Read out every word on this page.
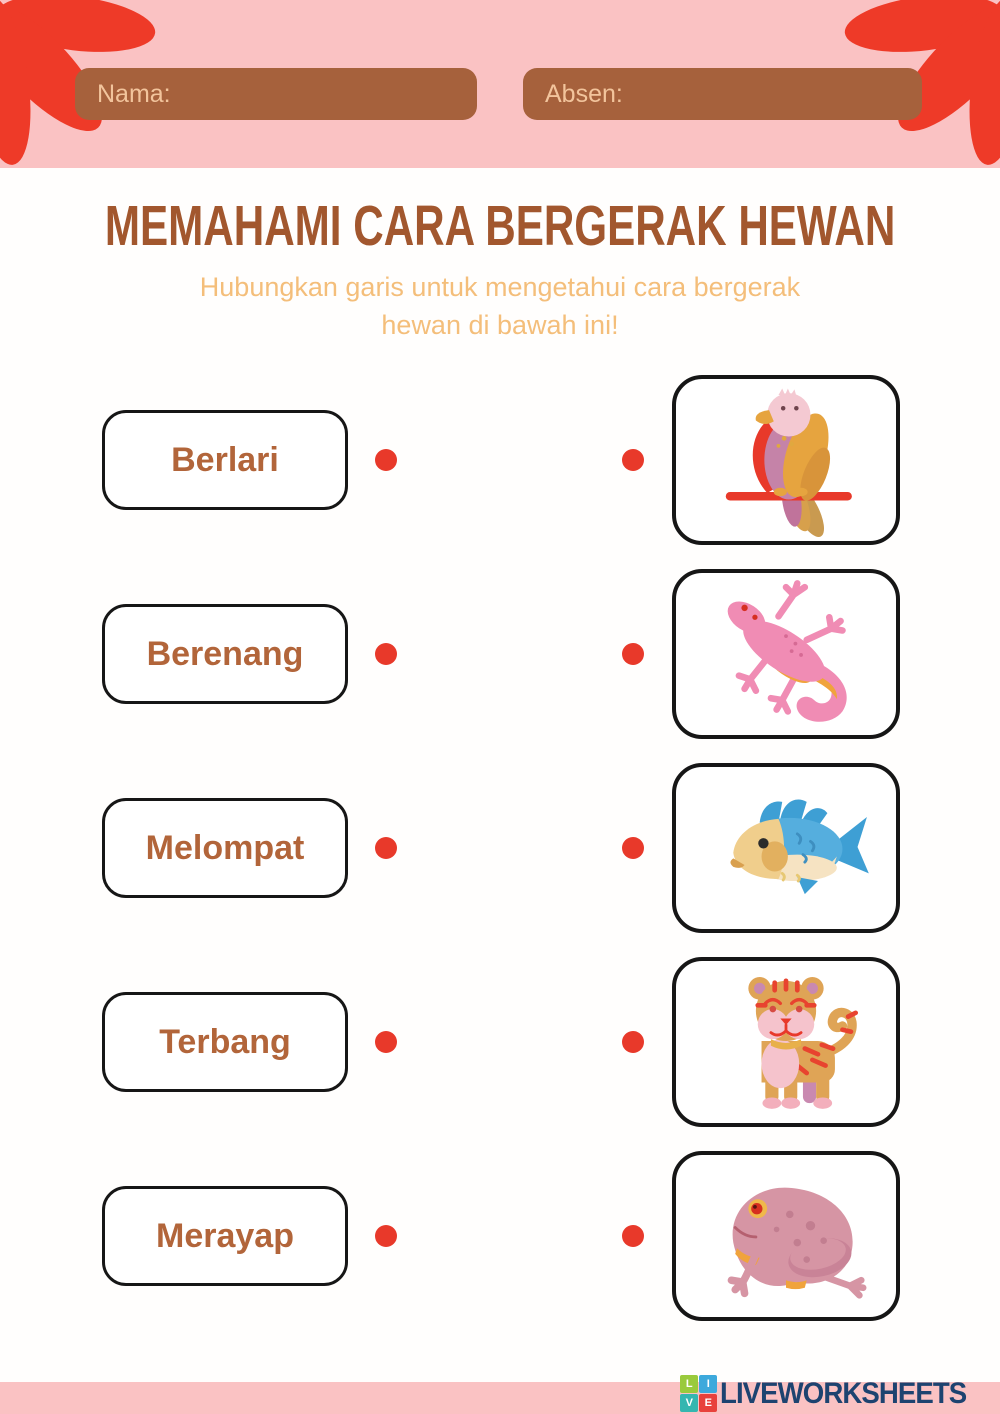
Nama:	Absen:
MEMAHAMI CARA BERGERAK HEWAN
Hubungkan garis untuk mengetahui cara bergerak hewan di bawah ini!
Berlari
Berenang
Melompat
Terbang
Merayap
L	I
V	E LIVEWORKSHEETS
